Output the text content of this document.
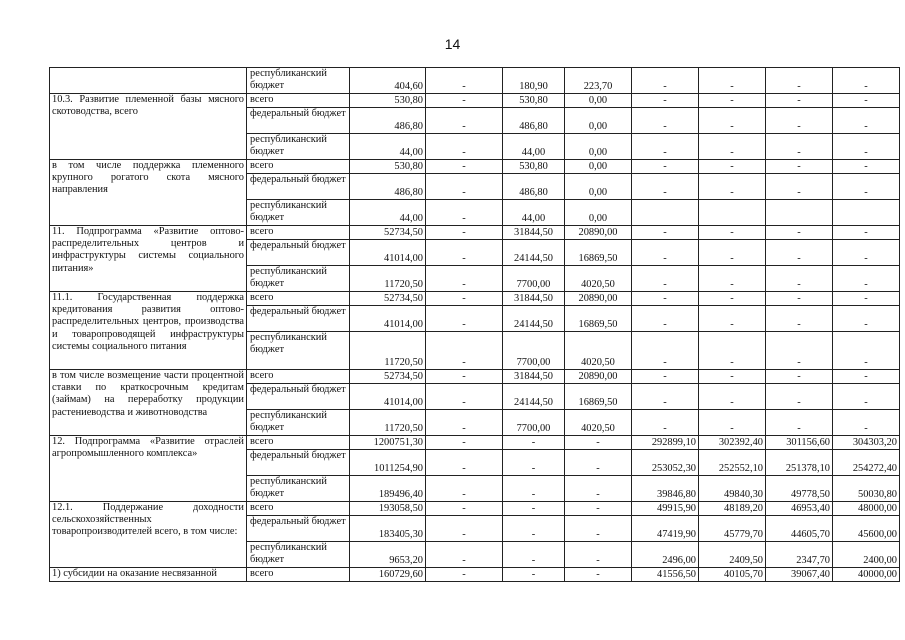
14
	республиканский бюджет	404,60	-	180,90	223,70	-	-	-	-
10.3. Развитие племенной базы мясного скотоводства, всего	всего	530,80	-	530,80	0,00	-	-	-	-
	федеральный бюджет	486,80	-	486,80	0,00	-	-	-	-
	республиканский бюджет	44,00	-	44,00	0,00	-	-	-	-
в том числе поддержка племенного крупного рогатого скота мясного направления	всего	530,80	-	530,80	0,00	-	-	-	-
	федеральный бюджет	486,80	-	486,80	0,00	-	-	-	-
	республиканский бюджет	44,00	-	44,00	0,00				
11. Подпрограмма «Развитие оптово-распределительных центров и инфраструктуры системы социального питания»	всего	52734,50	-	31844,50	20890,00	-	-	-	-
	федеральный бюджет	41014,00	-	24144,50	16869,50	-	-	-	-
	республиканский бюджет	11720,50	-	7700,00	4020,50	-	-	-	-
11.1. Государственная поддержка кредитования развития оптово-распределительных центров, производства и товаропроводящей инфраструктуры системы социального питания	всего	52734,50	-	31844,50	20890,00	-	-	-	-
	федеральный бюджет	41014,00	-	24144,50	16869,50	-	-	-	-
	республиканский бюджет	11720,50	-	7700,00	4020,50	-	-	-	-
в том числе возмещение части процентной ставки по краткосрочным кредитам (займам) на переработку продукции растениеводства и животноводства	всего	52734,50	-	31844,50	20890,00	-	-	-	-
	федеральный бюджет	41014,00	-	24144,50	16869,50	-	-	-	-
	республиканский бюджет	11720,50	-	7700,00	4020,50	-	-	-	-
12. Подпрограмма «Развитие отраслей агропромышленного комплекса»	всего	1200751,30	-	-	-	292899,10	302392,40	301156,60	304303,20
	федеральный бюджет	1011254,90	-	-	-	253052,30	252552,10	251378,10	254272,40
	республиканский бюджет	189496,40	-	-	-	39846,80	49840,30	49778,50	50030,80
12.1. Поддержание доходности сельскохозяйственных товаропроизводителей всего, в том числе:	всего	193058,50	-	-	-	49915,90	48189,20	46953,40	48000,00
	федеральный бюджет	183405,30	-	-	-	47419,90	45779,70	44605,70	45600,00
	республиканский бюджет	9653,20	-	-	-	2496,00	2409,50	2347,70	2400,00
1) субсидии на оказание несвязанной	всего	160729,60	-	-	-	41556,50	40105,70	39067,40	40000,00
